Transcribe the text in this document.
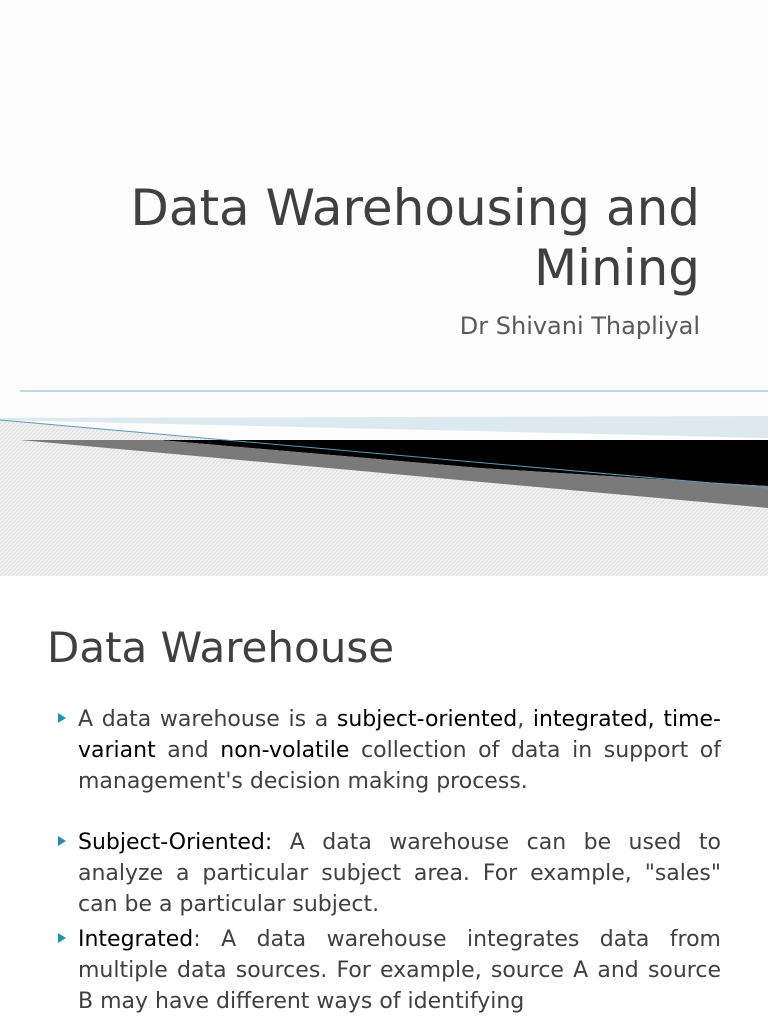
Data Warehousing and
Mining
Dr Shivani Thapliyal
Data Warehouse
A data warehouse is a subject-oriented, integrated, time-variant and non-volatile collection of data in support of management's decision making process.
Subject-Oriented: A data warehouse can be used to analyze a particular subject area. For example, "sales" can be a particular subject.
Integrated: A data warehouse integrates data from multiple data sources. For example, source A and source B may have different ways of identifying
